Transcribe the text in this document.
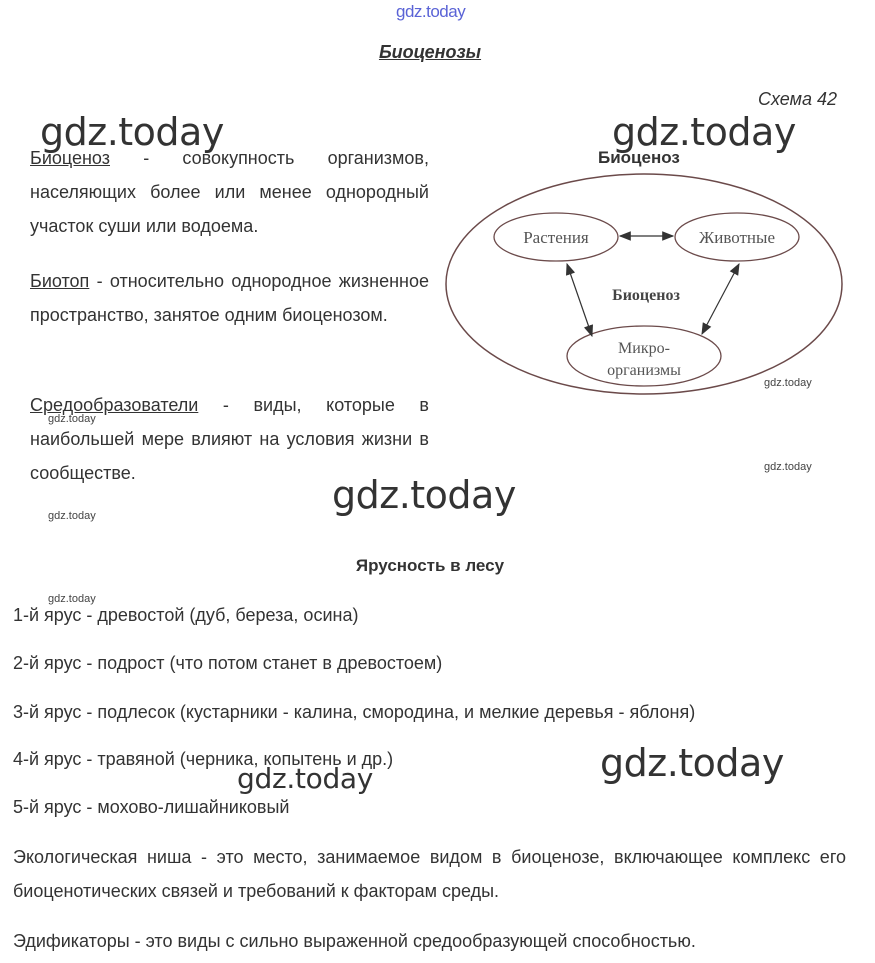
gdz.today
gdz.today	gdz.today
gdz.today
gdz.today
gdz.today
gdz.today
gdz.today
gdz.today
gdz.today
gdz.today
Биоценозы
Схема 42
Биоценоз - совокупность организмов, населяющих более или менее однородный участок суши или водоема.
Биотоп - относительно однородное жизненное пространство, занятое одним биоценозом.
Средообразователи - виды, которые в наибольшей мере влияют на условия жизни в сообществе.
Биоценоз
Растения	Животные
Биоценоз
Микро-
организмы
Ярусность в лесу
1-й ярус - древостой (дуб, береза, осина)
2-й ярус - подрост (что потом станет в древостоем)
3-й ярус - подлесок (кустарники - калина, смородина, и мелкие деревья - яблоня)
4-й ярус - травяной (черника, копытень и др.)
5-й ярус - мохово-лишайниковый
Экологическая ниша - это место, занимаемое видом в биоценозе, включающее комплекс его биоценотических связей и требований к факторам среды.
Эдификаторы - это виды с сильно выраженной средообразующей способностью.
